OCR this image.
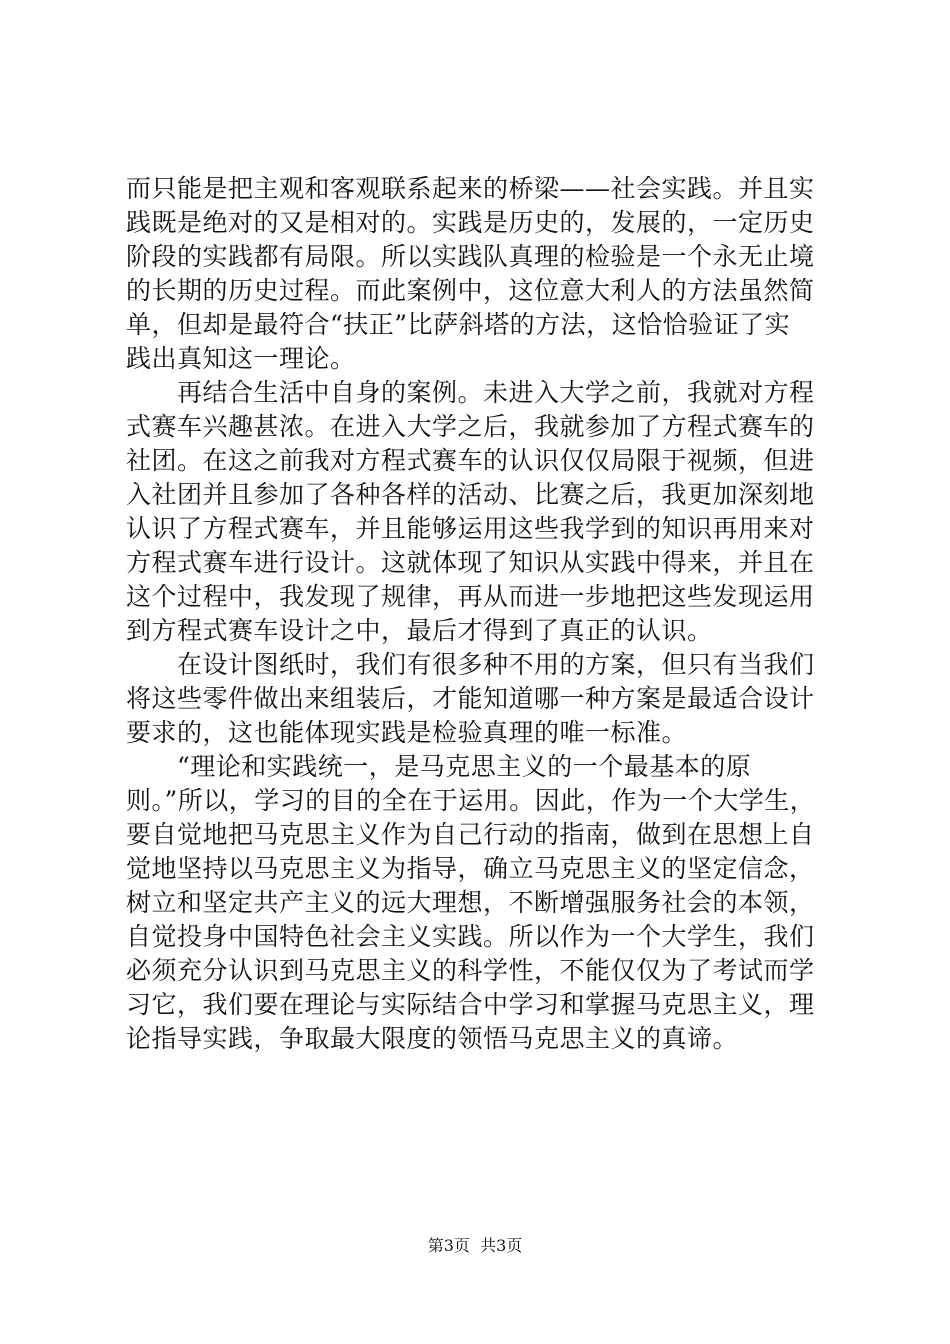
而只能是把主观和客观联系起来的桥梁——社会实践。并且实
践既是绝对的又是相对的。实践是历史的，发展的，一定历史
阶段的实践都有局限。所以实践队真理的检验是一个永无止境
的长期的历史过程。而此案例中，这位意大利人的方法虽然简
单，但却是最符合“扶正”比萨斜塔的方法，这恰恰验证了实
践出真知这一理论。
　　再结合生活中自身的案例。未进入大学之前，我就对方程
式赛车兴趣甚浓。在进入大学之后，我就参加了方程式赛车的
社团。在这之前我对方程式赛车的认识仅仅局限于视频，但进
入社团并且参加了各种各样的活动、比赛之后，我更加深刻地
认识了方程式赛车，并且能够运用这些我学到的知识再用来对
方程式赛车进行设计。这就体现了知识从实践中得来，并且在
这个过程中，我发现了规律，再从而进一步地把这些发现运用
到方程式赛车设计之中，最后才得到了真正的认识。
　　在设计图纸时，我们有很多种不用的方案，但只有当我们
将这些零件做出来组装后，才能知道哪一种方案是最适合设计
要求的，这也能体现实践是检验真理的唯一标准。
　　“理论和实践统一，是马克思主义的一个最基本的原
则。”所以，学习的目的全在于运用。因此，作为一个大学生，
要自觉地把马克思主义作为自己行动的指南，做到在思想上自
觉地坚持以马克思主义为指导，确立马克思主义的坚定信念，
树立和坚定共产主义的远大理想，不断增强服务社会的本领，
自觉投身中国特色社会主义实践。所以作为一个大学生，我们
必须充分认识到马克思主义的科学性，不能仅仅为了考试而学
习它，我们要在理论与实际结合中学习和掌握马克思主义，理
论指导实践，争取最大限度的领悟马克思主义的真谛。
第3页  共3页
